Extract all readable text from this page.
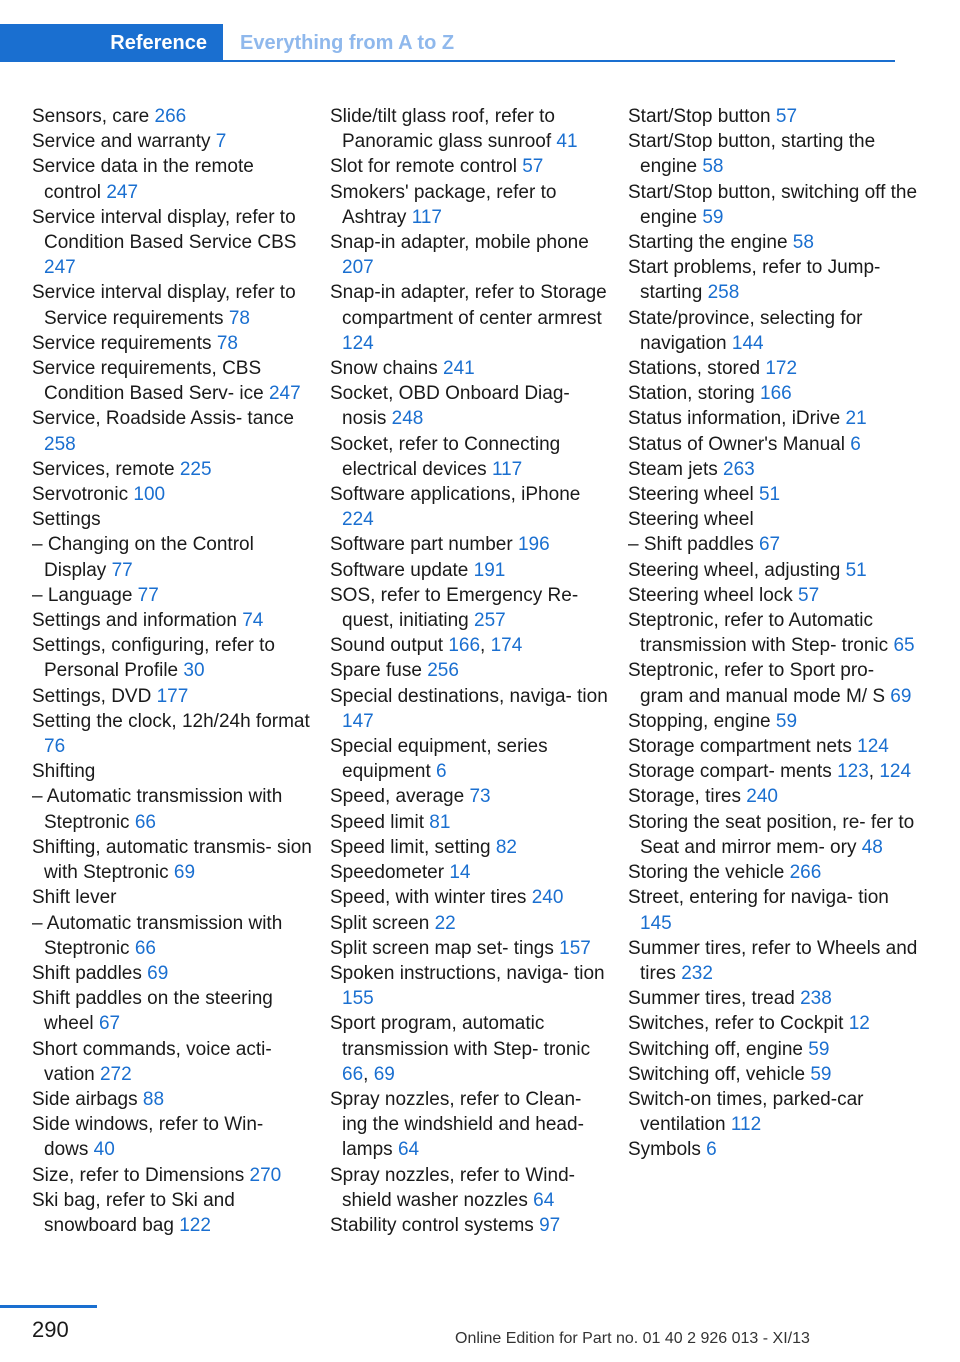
Reference Everything from A to Z
Sensors, care 266
Service and warranty 7
Service data in the remote control 247
Service interval display, refer to Condition Based Service CBS 247
Service interval display, refer to Service requirements 78
Service requirements 78
Service requirements, CBS Condition Based Serv‑ ice 247
Service, Roadside Assis‑ tance 258
Services, remote 225
Servotronic 100
Settings
– Changing on the Control Display 77
– Language 77
Settings and information 74
Settings, configuring, refer to Personal Profile 30
Settings, DVD 177
Setting the clock, 12h/24h format 76
Shifting
– Automatic transmission with Steptronic 66
Shifting, automatic transmis‑ sion with Steptronic 69
Shift lever
– Automatic transmission with Steptronic 66
Shift paddles 69
Shift paddles on the steering wheel 67
Short commands, voice acti‑ vation 272
Side airbags 88
Side windows, refer to Win‑ dows 40
Size, refer to Dimensions 270
Ski bag, refer to Ski and snowboard bag 122
Slide/tilt glass roof, refer to Panoramic glass sunroof 41
Slot for remote control 57
Smokers' package, refer to Ashtray 117
Snap-in adapter, mobile phone 207
Snap-in adapter, refer to Storage compartment of center armrest 124
Snow chains 241
Socket, OBD Onboard Diag‑ nosis 248
Socket, refer to Connecting electrical devices 117
Software applications, iPhone 224
Software part number 196
Software update 191
SOS, refer to Emergency Re‑ quest, initiating 257
Sound output 166, 174
Spare fuse 256
Special destinations, naviga‑ tion 147
Special equipment, series equipment 6
Speed, average 73
Speed limit 81
Speed limit, setting 82
Speedometer 14
Speed, with winter tires 240
Split screen 22
Split screen map set‑ tings 157
Spoken instructions, naviga‑ tion 155
Sport program, automatic transmission with Step‑ tronic 66, 69
Spray nozzles, refer to Clean‑ ing the windshield and head‑ lamps 64
Spray nozzles, refer to Wind‑ shield washer nozzles 64
Stability control systems 97
Start/Stop button 57
Start/Stop button, starting the engine 58
Start/Stop button, switching off the engine 59
Starting the engine 58
Start problems, refer to Jump-starting 258
State/province, selecting for navigation 144
Stations, stored 172
Station, storing 166
Status information, iDrive 21
Status of Owner's Manual 6
Steam jets 263
Steering wheel 51
Steering wheel
– Shift paddles 67
Steering wheel, adjusting 51
Steering wheel lock 57
Steptronic, refer to Automatic transmission with Step‑ tronic 65
Steptronic, refer to Sport pro‑ gram and manual mode M/ S 69
Stopping, engine 59
Storage compartment nets 124
Storage compart‑ ments 123, 124
Storage, tires 240
Storing the seat position, re‑ fer to Seat and mirror mem‑ ory 48
Storing the vehicle 266
Street, entering for naviga‑ tion 145
Summer tires, refer to Wheels and tires 232
Summer tires, tread 238
Switches, refer to Cockpit 12
Switching off, engine 59
Switching off, vehicle 59
Switch-on times, parked-car ventilation 112
Symbols 6
290	Online Edition for Part no. 01 40 2 926 013 - XI/13
